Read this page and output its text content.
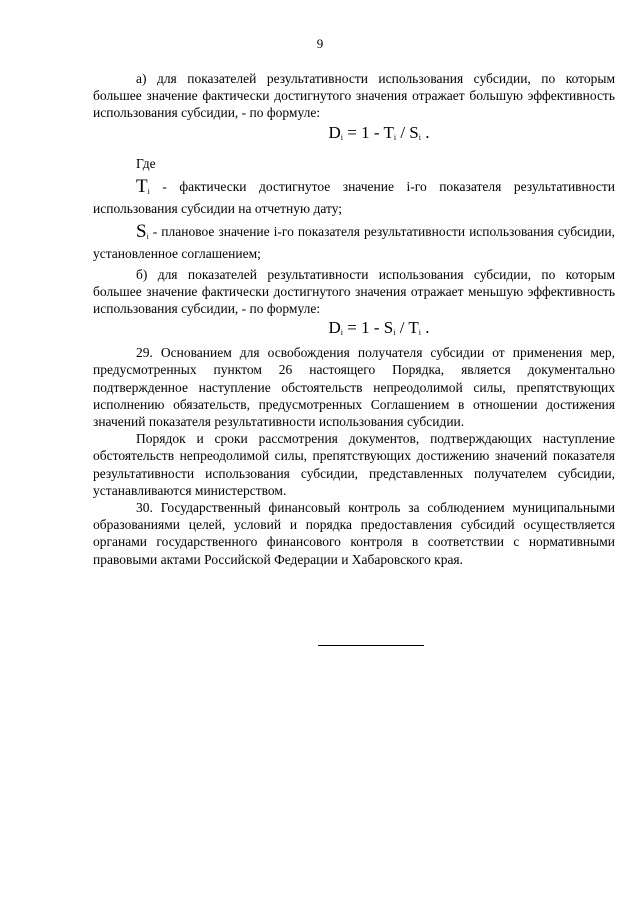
9

а) для показателей результативности использования субсидии, по которым большее значение фактически достигнутого значения отражает большую эффективность использования субсидии, - по формуле:

$D_i = 1 - T_i / S_i$ .

Где

$T_i$ - фактически достигнутое значение i-го показателя результативности использования субсидии на отчетную дату;

$S_i$ - плановое значение i-го показателя результативности использования субсидии, установленное соглашением;

б) для показателей результативности использования субсидии, по которым большее значение фактически достигнутого значения отражает меньшую эффективность использования субсидии, - по формуле:

$D_i = 1 - S_i / T_i$ .

29. Основанием для освобождения получателя субсидии от применения мер, предусмотренных пунктом 26 настоящего Порядка, является документально подтвержденное наступление обстоятельств непреодолимой силы, препятствующих исполнению обязательств, предусмотренных Соглашением в отношении достижения значений показателя результативности использования субсидии.

Порядок и сроки рассмотрения документов, подтверждающих наступление обстоятельств непреодолимой силы, препятствующих достижению значений показателя результативности использования субсидии, представленных получателем субсидии, устанавливаются министерством.

30. Государственный финансовый контроль за соблюдением муниципальными образованиями целей, условий и порядка предоставления субсидий осуществляется органами государственного финансового контроля в соответствии с нормативными правовыми актами Российской Федерации и Хабаровского края.
